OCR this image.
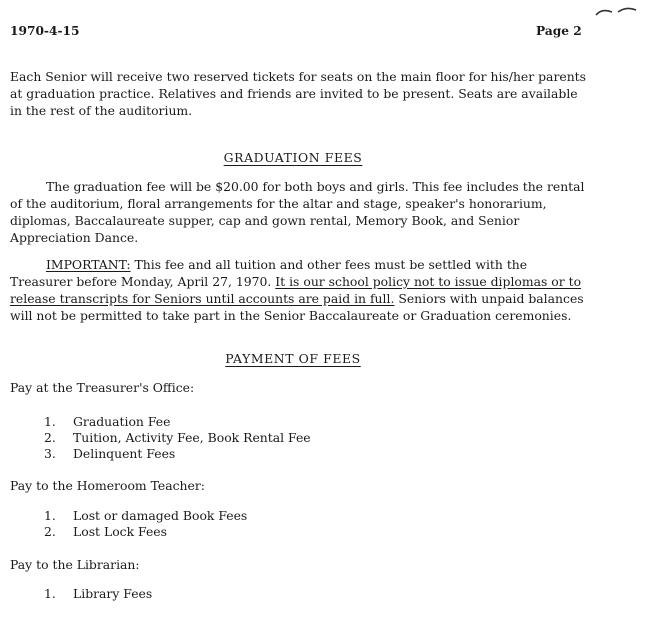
1970-4-15	Page 2

Each Senior will receive two reserved tickets for seats on the main floor for his/her parents at graduation practice. Relatives and friends are invited to be present. Seats are available in the rest of the auditorium.

GRADUATION FEES

The graduation fee will be $20.00 for both boys and girls. This fee includes the rental of the auditorium, floral arrangements for the altar and stage, speaker's honorarium, diplomas, Baccalaureate supper, cap and gown rental, Memory Book, and Senior Appreciation Dance.

IMPORTANT: This fee and all tuition and other fees must be settled with the Treasurer before Monday, April 27, 1970. It is our school policy not to issue diplomas or to release transcripts for Seniors until accounts are paid in full. Seniors with unpaid balances will not be permitted to take part in the Senior Baccalaureate or Graduation ceremonies.

PAYMENT OF FEES

Pay at the Treasurer's Office:

1. Graduation Fee
2. Tuition, Activity Fee, Book Rental Fee
3. Delinquent Fees

Pay to the Homeroom Teacher:

1. Lost or damaged Book Fees
2. Lost Lock Fees

Pay to the Librarian:

1. Library Fees
